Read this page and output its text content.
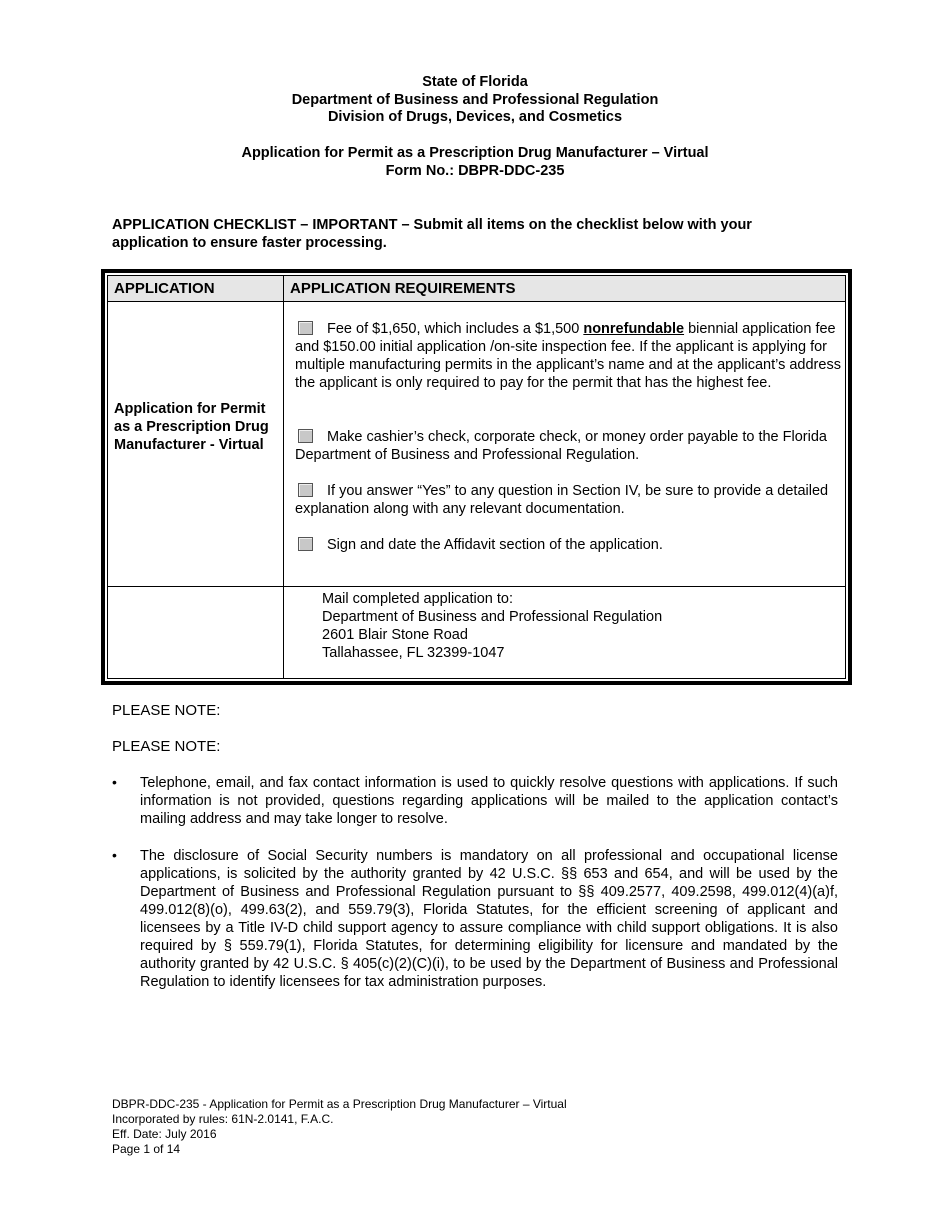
State of Florida
Department of Business and Professional Regulation
Division of Drugs, Devices, and Cosmetics
Application for Permit as a Prescription Drug Manufacturer – Virtual
Form No.: DBPR-DDC-235
APPLICATION CHECKLIST – IMPORTANT – Submit all items on the checklist below with your application to ensure faster processing.
APPLICATION	APPLICATION REQUIREMENTS
Application for Permit as a Prescription Drug Manufacturer - Virtual
Fee of $1,650, which includes a $1,500 nonrefundable biennial application fee and $150.00 initial application /on-site inspection fee. If the applicant is applying for multiple manufacturing permits in the applicant’s name and at the applicant’s address the applicant is only required to pay for the permit that has the highest fee.
Make cashier’s check, corporate check, or money order payable to the Florida Department of Business and Professional Regulation.
If you answer “Yes” to any question in Section IV, be sure to provide a detailed explanation along with any relevant documentation.
Sign and date the Affidavit section of the application.
Mail completed application to:
Department of Business and Professional Regulation
2601 Blair Stone Road
Tallahassee, FL 32399-1047
PLEASE NOTE:
PLEASE NOTE:
• Telephone, email, and fax contact information is used to quickly resolve questions with applications. If such information is not provided, questions regarding applications will be mailed to the application contact’s mailing address and may take longer to resolve.
• The disclosure of Social Security numbers is mandatory on all professional and occupational license applications, is solicited by the authority granted by 42 U.S.C. §§ 653 and 654, and will be used by the Department of Business and Professional Regulation pursuant to §§ 409.2577, 409.2598, 499.012(4)(a)f, 499.012(8)(o), 499.63(2), and 559.79(3), Florida Statutes, for the efficient screening of applicant and licensees by a Title IV-D child support agency to assure compliance with child support obligations. It is also required by § 559.79(1), Florida Statutes, for determining eligibility for licensure and mandated by the authority granted by 42 U.S.C. § 405(c)(2)(C)(i), to be used by the Department of Business and Professional Regulation to identify licensees for tax administration purposes.
DBPR-DDC-235 - Application for Permit as a Prescription Drug Manufacturer – Virtual
Incorporated by rules: 61N-2.0141, F.A.C.
Eff. Date: July 2016
Page 1 of 14
